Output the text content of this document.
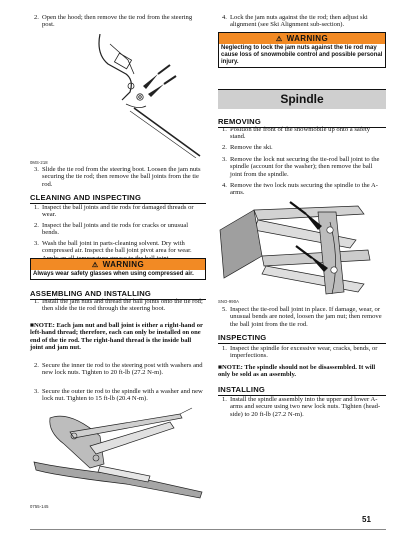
2. Open the hood; then remove the tie rod from the steering post.
0MS-218
3. Slide the tie rod from the steering boot. Loosen the jam nuts securing the tie rod; then remove the ball joints from the tie rod.
CLEANING AND INSPECTING
1. Inspect the ball joints and tie rods for damaged threads or wear.
2. Inspect the ball joints and tie rods for cracks or unusual bends.
3. Wash the ball joint in parts-cleaning solvent. Dry with compressed air. Inspect the ball joint pivot area for wear.
⚠ WARNING
Always wear safety glasses when using compressed air.
ASSEMBLING AND INSTALLING
1. Install the jam nuts and thread the ball joints onto the tie rod; then slide the tie rod through the steering boot.
■NOTE: Each jam nut and ball joint is either a right-hand or left-hand thread; therefore, each can only be installed on one end of the tie rod. The right-hand thread is the inside ball joint and jam nut.
2. Secure the inner tie rod to the steering post with washers and new lock nuts. Tighten to 20 ft-lb (27.2 N-m).
3. Secure the outer tie rod to the spindle with a washer and new lock nut. Tighten to 15 ft-lb (20.4 N-m).
0755-145
4. Lock the jam nuts against the tie rod; then adjust ski alignment (see Ski Alignment sub-section).
⚠ WARNING
Neglecting to lock the jam nuts against the tie rod may cause loss of snowmobile control and possible personal injury.
Spindle
REMOVING
1. Position the front of the snowmobile up onto a safety stand.
2. Remove the ski.
3. Remove the lock nut securing the tie-rod ball joint to the spindle (account for the washer); then remove the ball joint from the spindle.
4. Remove the two lock nuts securing the spindle to the A-arms.
SNO-990A
5. Inspect the tie-rod ball joint in place. If damage, wear, or unusual bends are noted, loosen the jam nut; then remove the ball joint from the tie rod.
INSPECTING
1. Inspect the spindle for excessive wear, cracks, bends, or imperfections.
■NOTE: The spindle should not be disassembled. It will only be sold as an assembly.
INSTALLING
1. Install the spindle assembly into the upper and lower A-arms and secure using two new lock nuts. Tighten (head-side) to 20 ft-lb (27.2 N-m).
51
